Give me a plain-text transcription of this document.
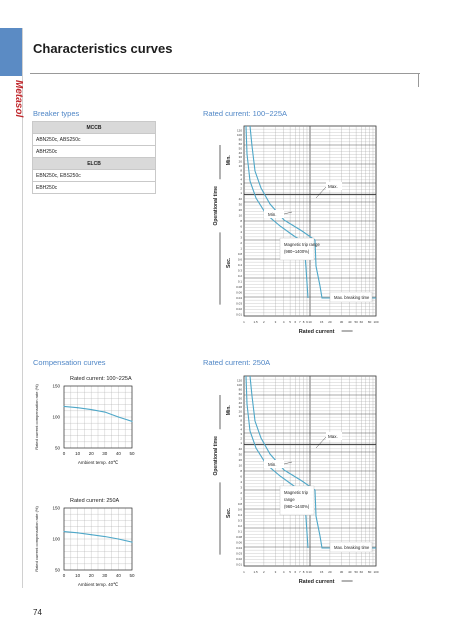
Metasol
Characteristics curves
Breaker types
MCCB
ABN250c, ABS250c
ABH250c
ELCB
EBN250c, EBS250c
EBH250c
Rated current: 100~225A
Rated current: 250A
Compensation curves
120
100
80
60
50
40
30
20
10
8
6
4
3
2
1
40
30
20
10
8
6
4
3
2
1
0.8
0.6
0.4
0.3
0.2
0.1
0.08
0.06
0.04
0.03
0.02
0.01
Min.
Sec.
Operational time
1	1.5 2	3 4 5 6 7 8 9 10	15 20	30 40 50 60 80 100
Rated current
Max.
Min.
Magnetic trip range
(980~1400%)
Max. breaking time
120
100
80
60
50
40
30
20
10
8
6
4
3
2
1
40
30
20
10
8
6
4
3
2
1
0.8
0.6
0.4
0.3
0.2
0.1
0.08
0.06
0.04
0.03
0.02
0.01
Min.
Sec.
Operational time
1	1.5 2	3 4 5 6 7 8 9 10	15 20	30 40 50 60 80 100
Rated current
Max.
Min.
Magnetic trip
range
(960~1440%)
Max. breaking time
Rated current: 100~225A
Rated current compensation rate (%)	150
100
50
0 10 20 30 40 50
Ambient temp. 40℃
Rated current: 250A
Rated current compensation rate (%)	150
100
50
0 10 20 30 40 50
Ambient temp. 40℃
74
